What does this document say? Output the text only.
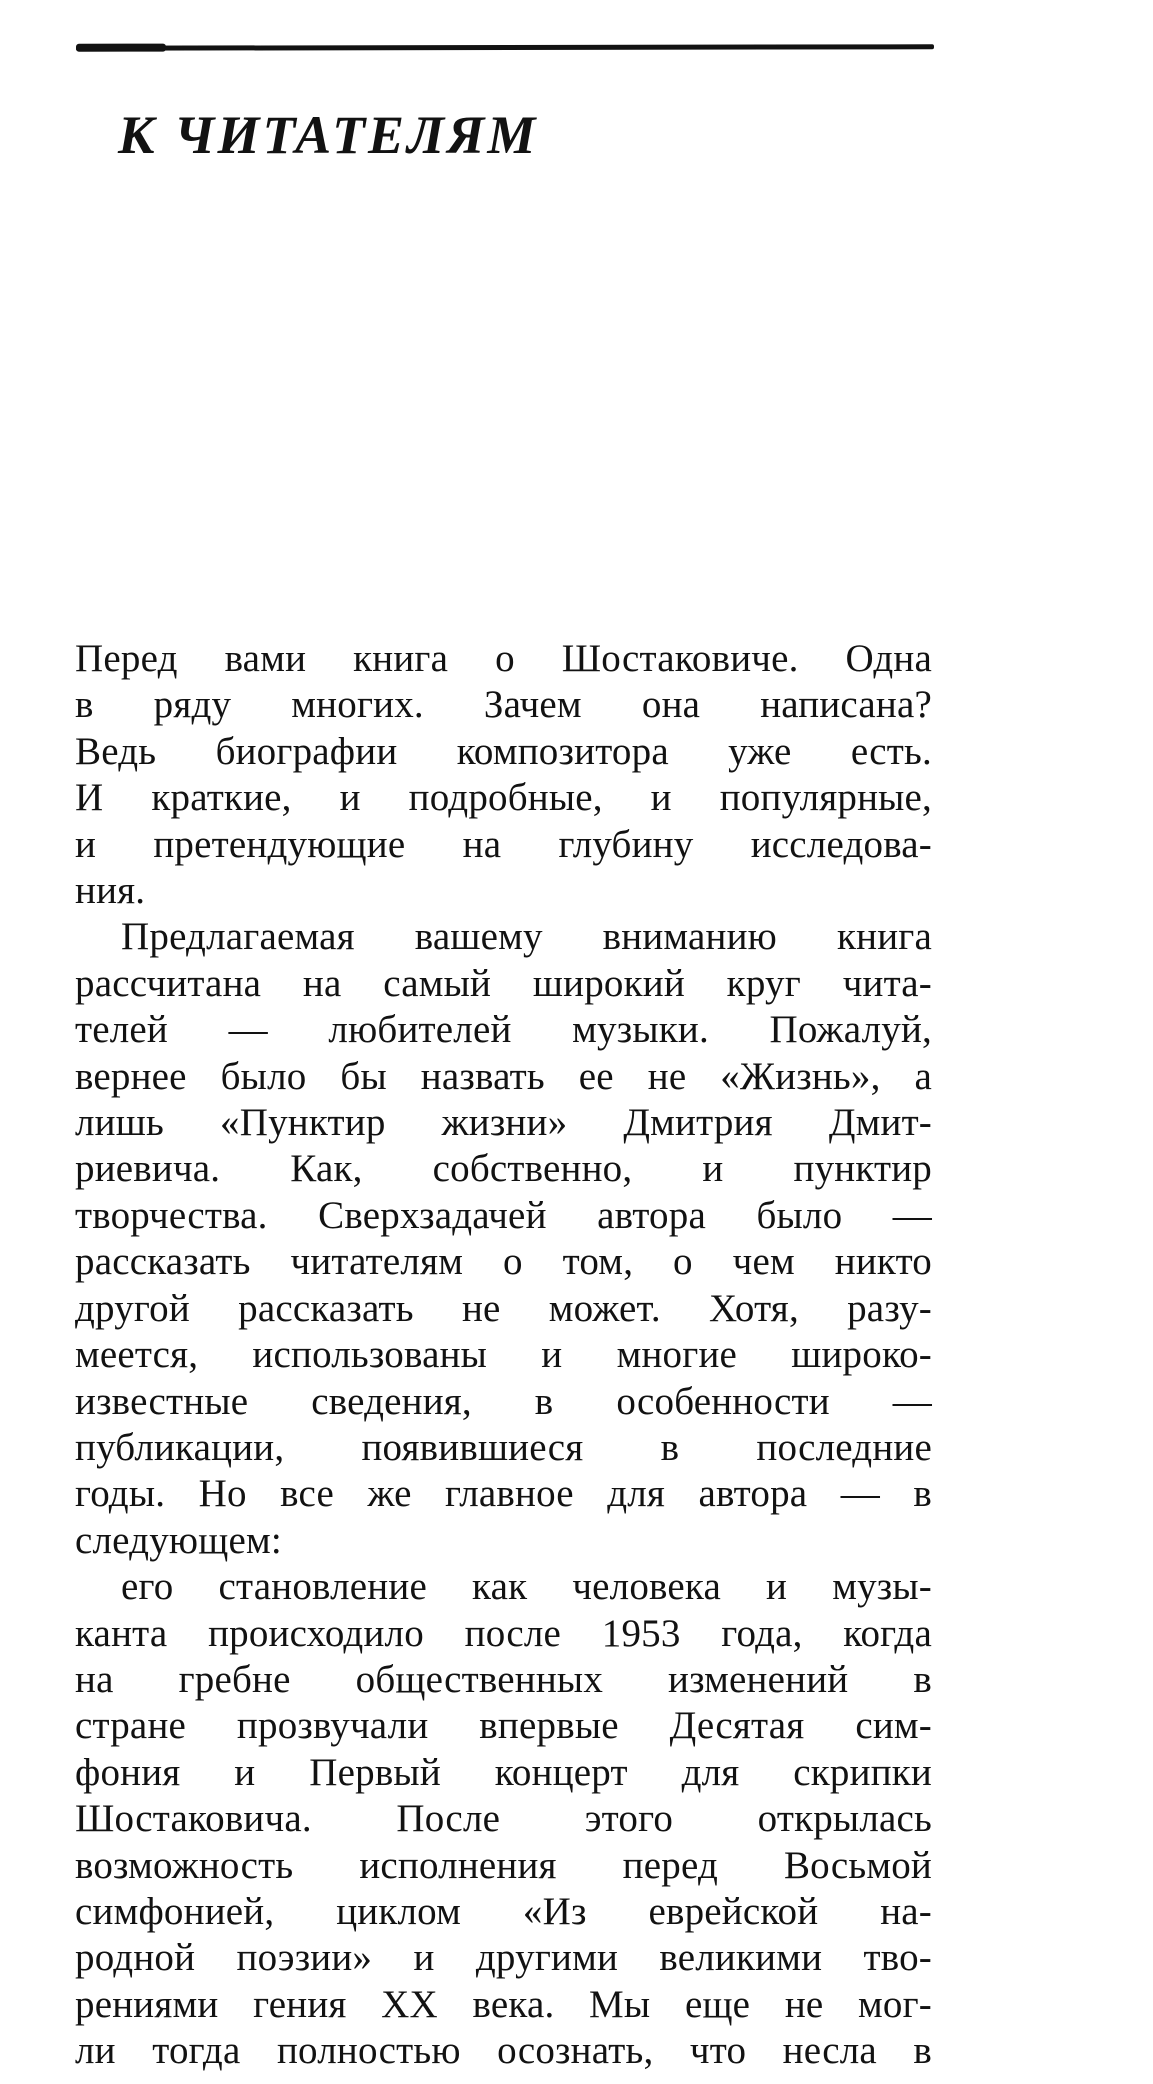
К ЧИТАТЕЛЯМ
Перед вами книга о Шостаковиче. Одна
в ряду многих. Зачем она написана?
Ведь биографии композитора уже есть.
И краткие, и подробные, и популярные,
и претендующие на глубину исследова-
ния.
Предлагаемая вашему вниманию книга
рассчитана на самый широкий круг чита-
телей — любителей музыки. Пожалуй,
вернее было бы назвать ее не «Жизнь», а
лишь «Пунктир жизни» Дмитрия Дмит-
риевича. Как, собственно, и пунктир
творчества. Сверхзадачей автора было —
рассказать читателям о том, о чем никто
другой рассказать не может. Хотя, разу-
меется, использованы и многие широко-
известные сведения, в особенности —
публикации, появившиеся в последние
годы. Но все же главное для автора — в
следующем:
его становление как человека и музы-
канта происходило после 1953 года, когда
на гребне общественных изменений в
стране прозвучали впервые Десятая сим-
фония и Первый концерт для скрипки
Шостаковича. После этого открылась
возможность исполнения перед Восьмой
симфонией, циклом «Из еврейской на-
родной поэзии» и другими великими тво-
рениями гения XX века. Мы еще не мог-
ли тогда полностью осознать, что несла в
